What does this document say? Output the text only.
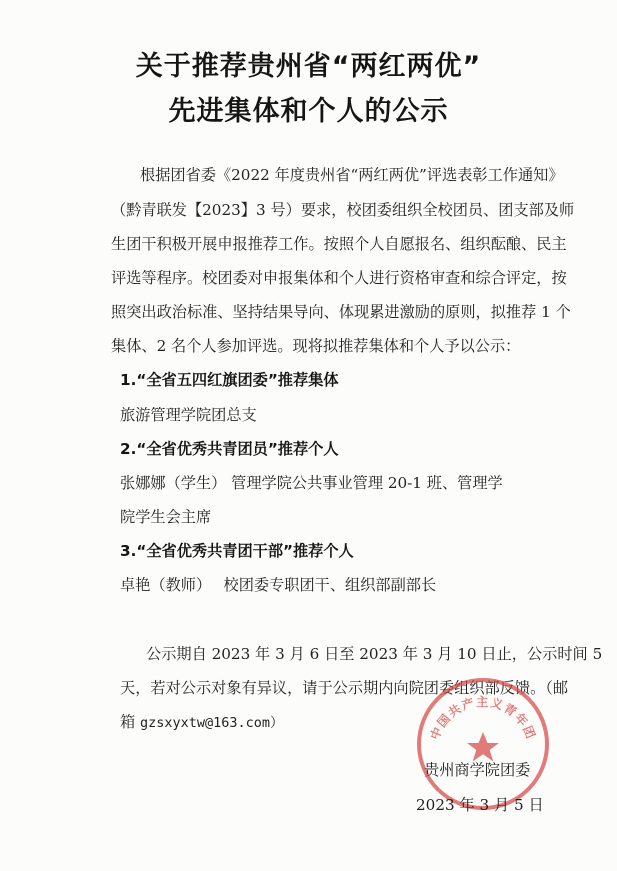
关于推荐贵州省“两红两优”
先进集体和个人的公示
根据团省委《2022 年度贵州省“两红两优”评选表彰工作通知》
（黔青联发【2023】3 号）要求，校团委组织全校团员、团支部及师
生团干积极开展申报推荐工作。按照个人自愿报名、组织酝酿、民主
评选等程序。校团委对申报集体和个人进行资格审查和综合评定，按
照突出政治标准、坚持结果导向、体现累进激励的原则，拟推荐 1 个
集体、2 名个人参加评选。现将拟推荐集体和个人予以公示：
1.“全省五四红旗团委”推荐集体
旅游管理学院团总支
2.“全省优秀共青团员”推荐个人
张娜娜（学生） 管理学院公共事业管理 20-1 班、管理学
院学生会主席
3.“全省优秀共青团干部”推荐个人
卓艳（教师）　 校团委专职团干、组织部副部长
公示期自 2023 年 3 月 6 日至 2023 年 3 月 10 日止，公示时间 5
天，若对公示对象有异议，请于公示期内向院团委组织部反馈。（邮
箱 gzsxyxtw@163.com）
中国共产主义青年团
贵州商学院团委
2023 年 3 月 5 日
